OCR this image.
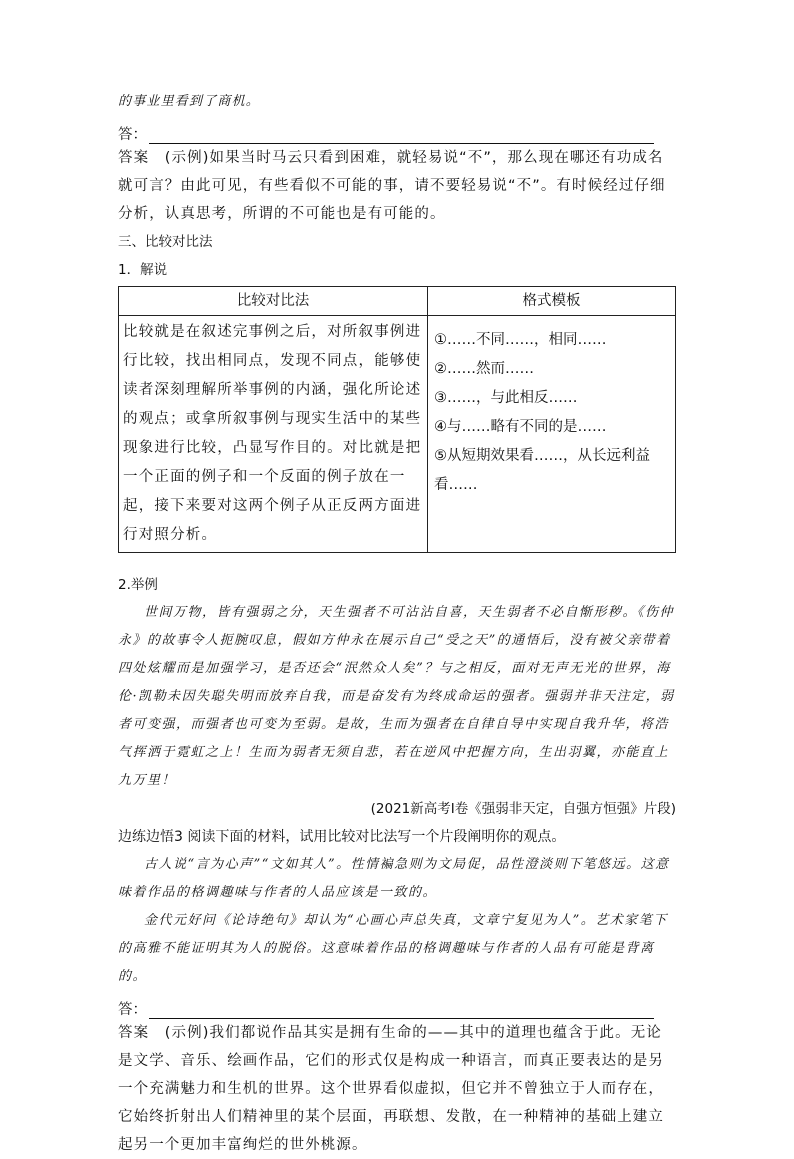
的事业里看到了商机。

答：

答案　(示例)如果当时马云只看到困难，就轻易说“不”，那么现在哪还有功成名就可言？由此可见，有些看似不可能的事，请不要轻易说“不”。有时候经过仔细分析，认真思考，所谓的不可能也是有可能的。

三、比较对比法

1．解说

比较对比法	格式模板
比较就是在叙述完事例之后，对所叙事例进行比较，找出相同点，发现不同点，能够使读者深刻理解所举事例的内涵，强化所论述的观点；或拿所叙事例与现实生活中的某些现象进行比较，凸显写作目的。对比就是把一个正面的例子和一个反面的例子放在一起，接下来要对这两个例子从正反两方面进行对照分析。	①……不同……，相同……
②……然而……
③……，与此相反……
④与……略有不同的是……
⑤从短期效果看……，从长远利益看……

2.举例

世间万物，皆有强弱之分，天生强者不可沾沾自喜，天生弱者不必自惭形秽。《伤仲永》的故事令人扼腕叹息，假如方仲永在展示自己“受之天”的通悟后，没有被父亲带着四处炫耀而是加强学习，是否还会“泯然众人矣”？与之相反，面对无声无光的世界，海伦·凯勒未因失聪失明而放弃自我，而是奋发有为终成命运的强者。强弱并非天注定，弱者可变强，而强者也可变为至弱。是故，生而为强者在自律自导中实现自我升华，将浩气挥洒于霓虹之上！生而为弱者无须自悲，若在逆风中把握方向，生出羽翼，亦能直上九万里！

(2021新高考Ⅰ卷《强弱非天定，自强方恒强》片段)

边练边悟3 阅读下面的材料，试用比较对比法写一个片段阐明你的观点。

古人说“言为心声”“文如其人”。性情褊急则为文局促，品性澄淡则下笔悠远。这意味着作品的格调趣味与作者的人品应该是一致的。

金代元好问《论诗绝句》却认为“心画心声总失真，文章宁复见为人”。艺术家笔下的高雅不能证明其为人的脱俗。这意味着作品的格调趣味与作者的人品有可能是背离的。

答：

答案　(示例)我们都说作品其实是拥有生命的——其中的道理也蕴含于此。无论是文学、音乐、绘画作品，它们的形式仅是构成一种语言，而真正要表达的是另一个充满魅力和生机的世界。这个世界看似虚拟，但它并不曾独立于人而存在，它始终折射出人们精神里的某个层面，再联想、发散，在一种精神的基础上建立起另一个更加丰富绚烂的世外桃源。
